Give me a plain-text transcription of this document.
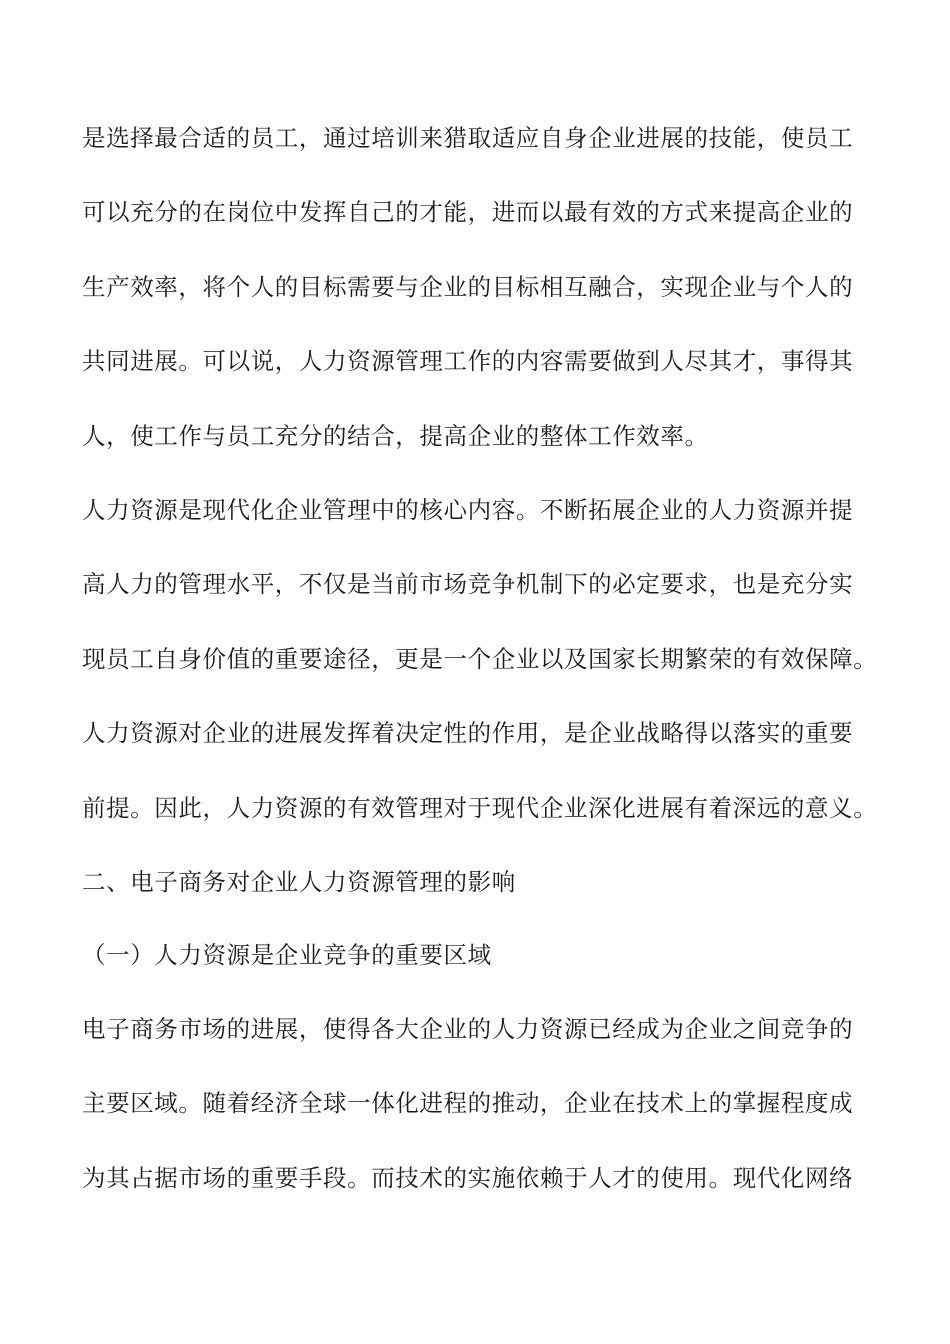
是选择最合适的员工，通过培训来猎取适应自身企业进展的技能，使员工
可以充分的在岗位中发挥自己的才能，进而以最有效的方式来提高企业的
生产效率，将个人的目标需要与企业的目标相互融合，实现企业与个人的
共同进展。可以说，人力资源管理工作的内容需要做到人尽其才，事得其
人，使工作与员工充分的结合，提高企业的整体工作效率。
人力资源是现代化企业管理中的核心内容。不断拓展企业的人力资源并提
高人力的管理水平，不仅是当前市场竞争机制下的必定要求，也是充分实
现员工自身价值的重要途径，更是一个企业以及国家长期繁荣的有效保障。
人力资源对企业的进展发挥着决定性的作用，是企业战略得以落实的重要
前提。因此，人力资源的有效管理对于现代企业深化进展有着深远的意义。
二、电子商务对企业人力资源管理的影响
（一）人力资源是企业竞争的重要区域
电子商务市场的进展，使得各大企业的人力资源已经成为企业之间竞争的
主要区域。随着经济全球一体化进程的推动，企业在技术上的掌握程度成
为其占据市场的重要手段。而技术的实施依赖于人才的使用。现代化网络
